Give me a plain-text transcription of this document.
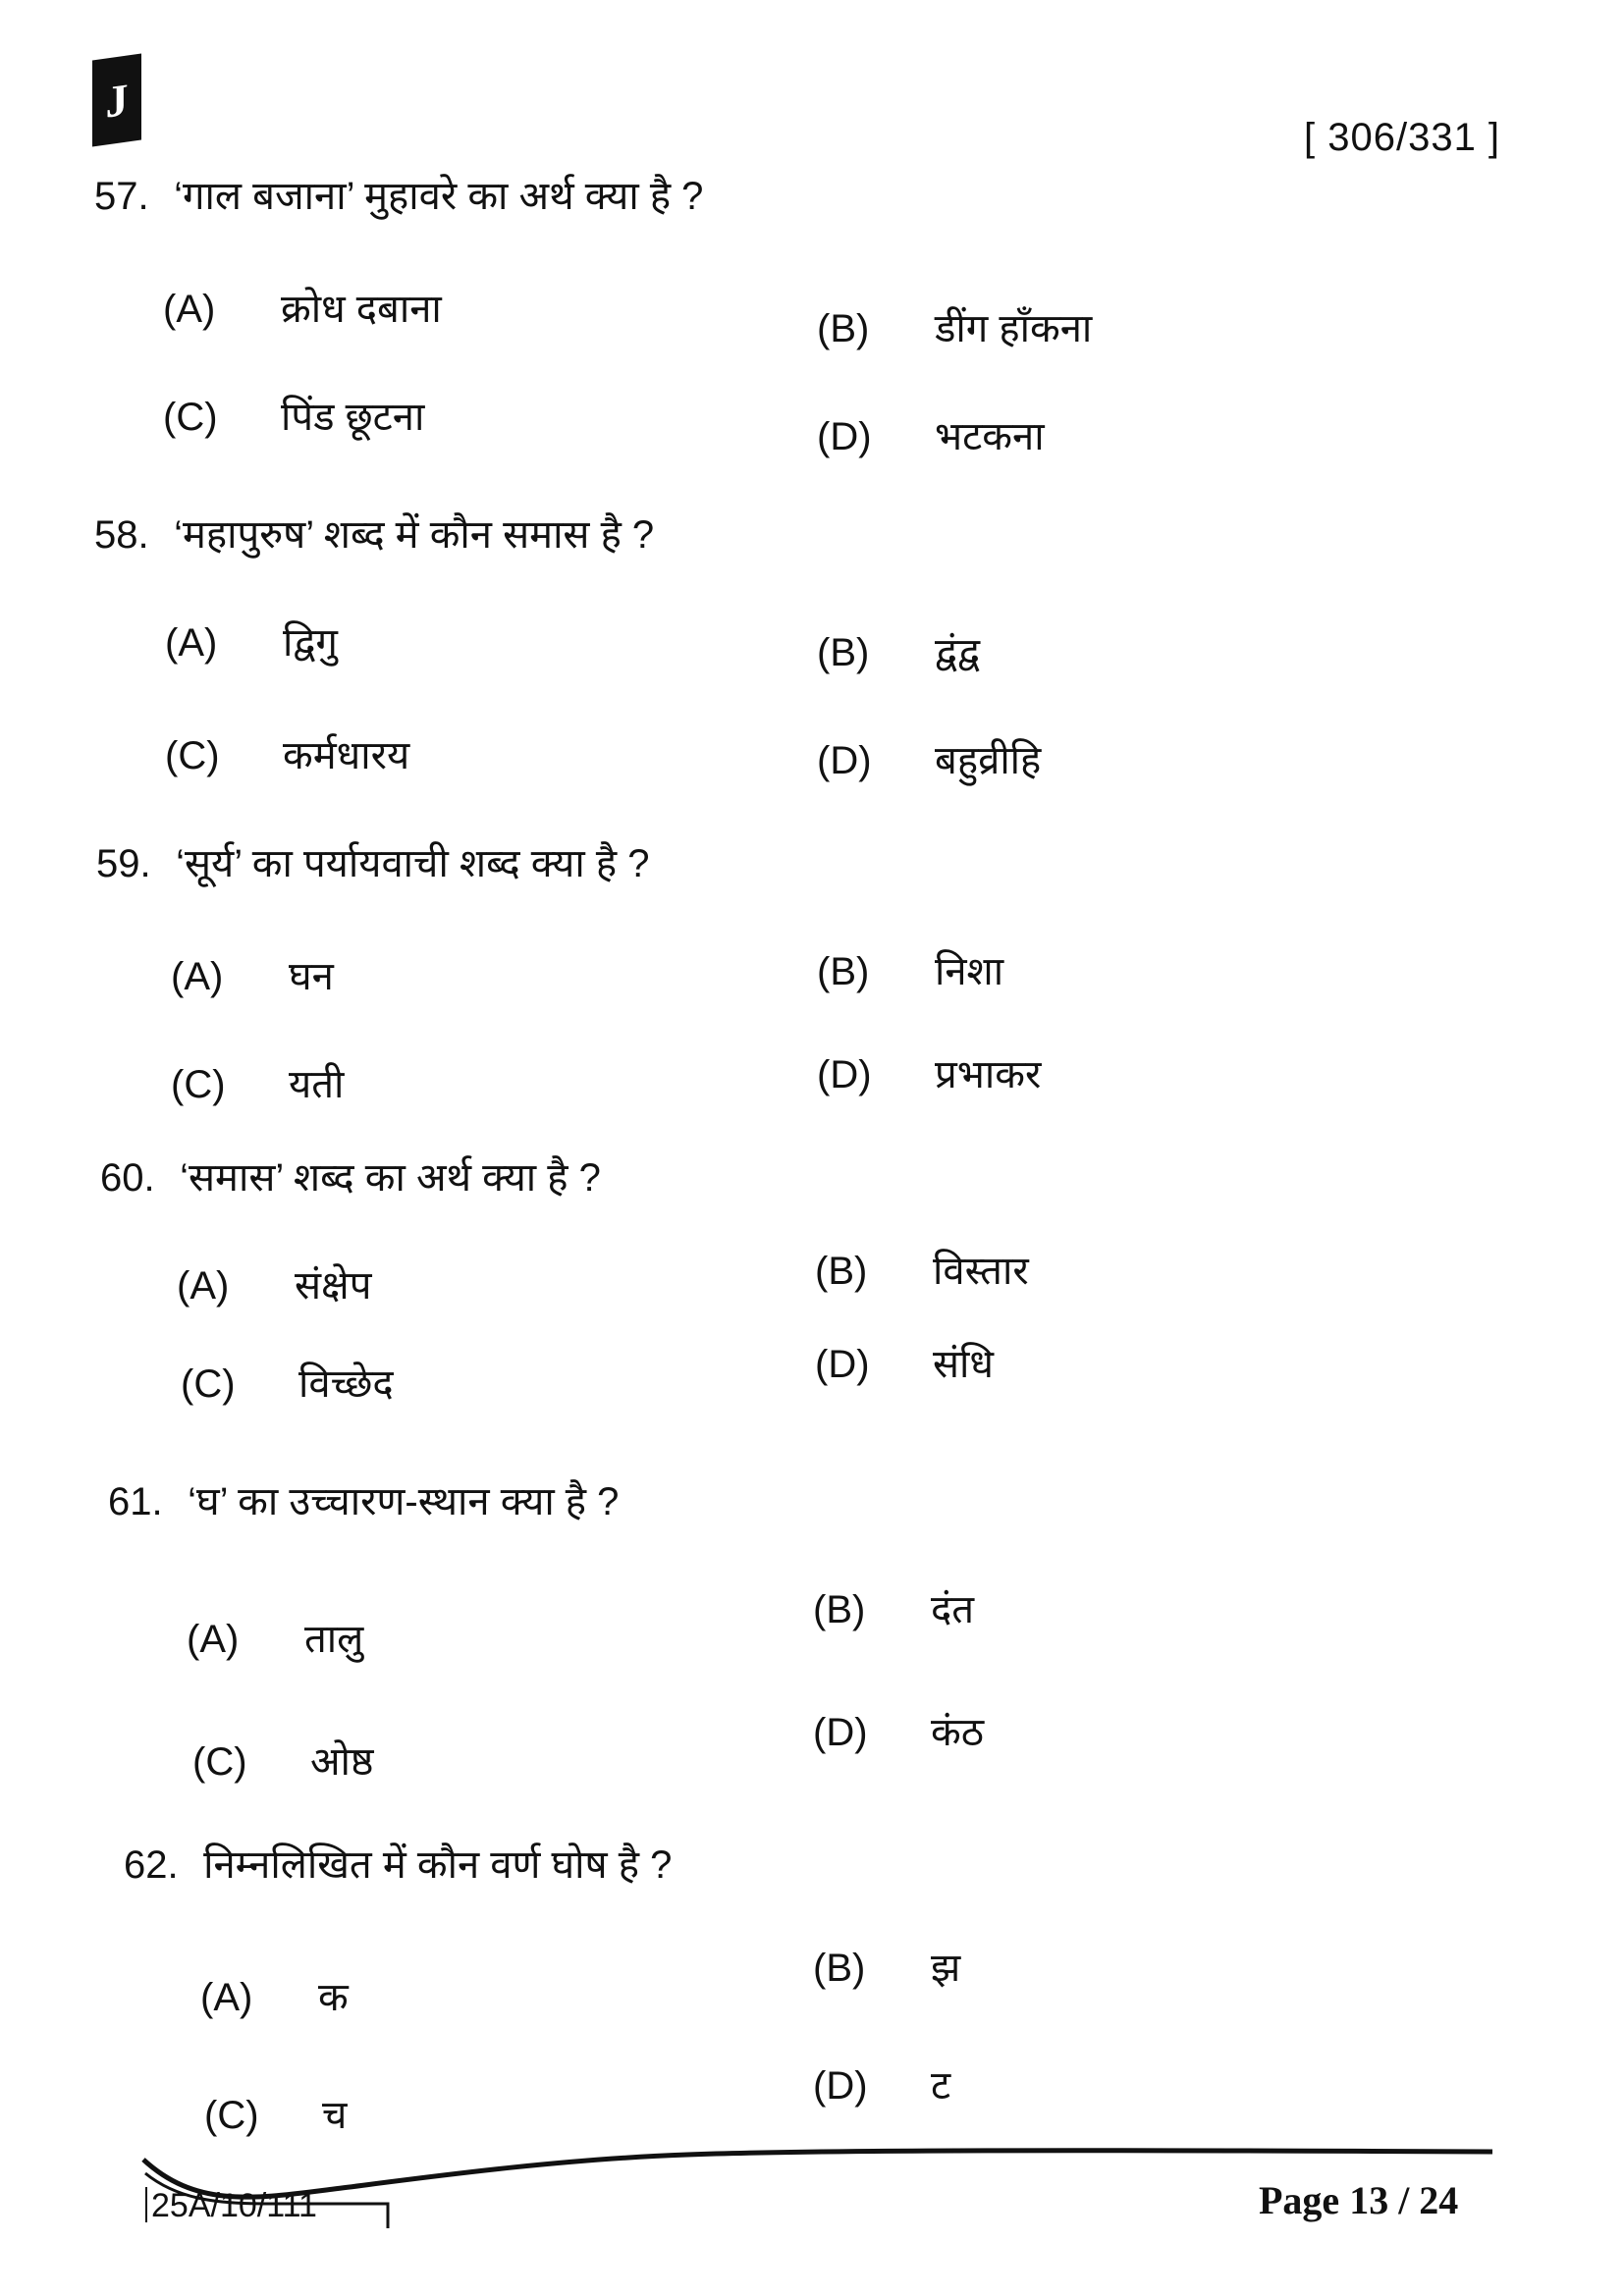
J
[ 306/331 ]
57. ‘गाल बजाना’ मुहावरे का अर्थ क्या है ?
(A) क्रोध दबाना	(B) डींग हाँकना
(C) पिंड छूटना	(D) भटकना
58. ‘महापुरुष’ शब्द में कौन समास है ?
(A) द्विगु	(B) द्वंद्व
(C) कर्मधारय	(D) बहुव्रीहि
59. ‘सूर्य’ का पर्यायवाची शब्द क्या है ?
(A) घन	(B) निशा
(C) यती	(D) प्रभाकर
60. ‘समास’ शब्द का अर्थ क्या है ?
(A) संक्षेप	(B) विस्तार
(C) विच्छेद	(D) संधि
61. ‘घ’ का उच्चारण-स्थान क्या है ?
(A) तालु
(B) दंत
(C) ओष्ठ
(D) कंठ
62. निम्नलिखित में कौन वर्ण घोष है ?
(A) क
(B) झ
(C) च
(D) ट
25A/10/111	Page 13 / 24
